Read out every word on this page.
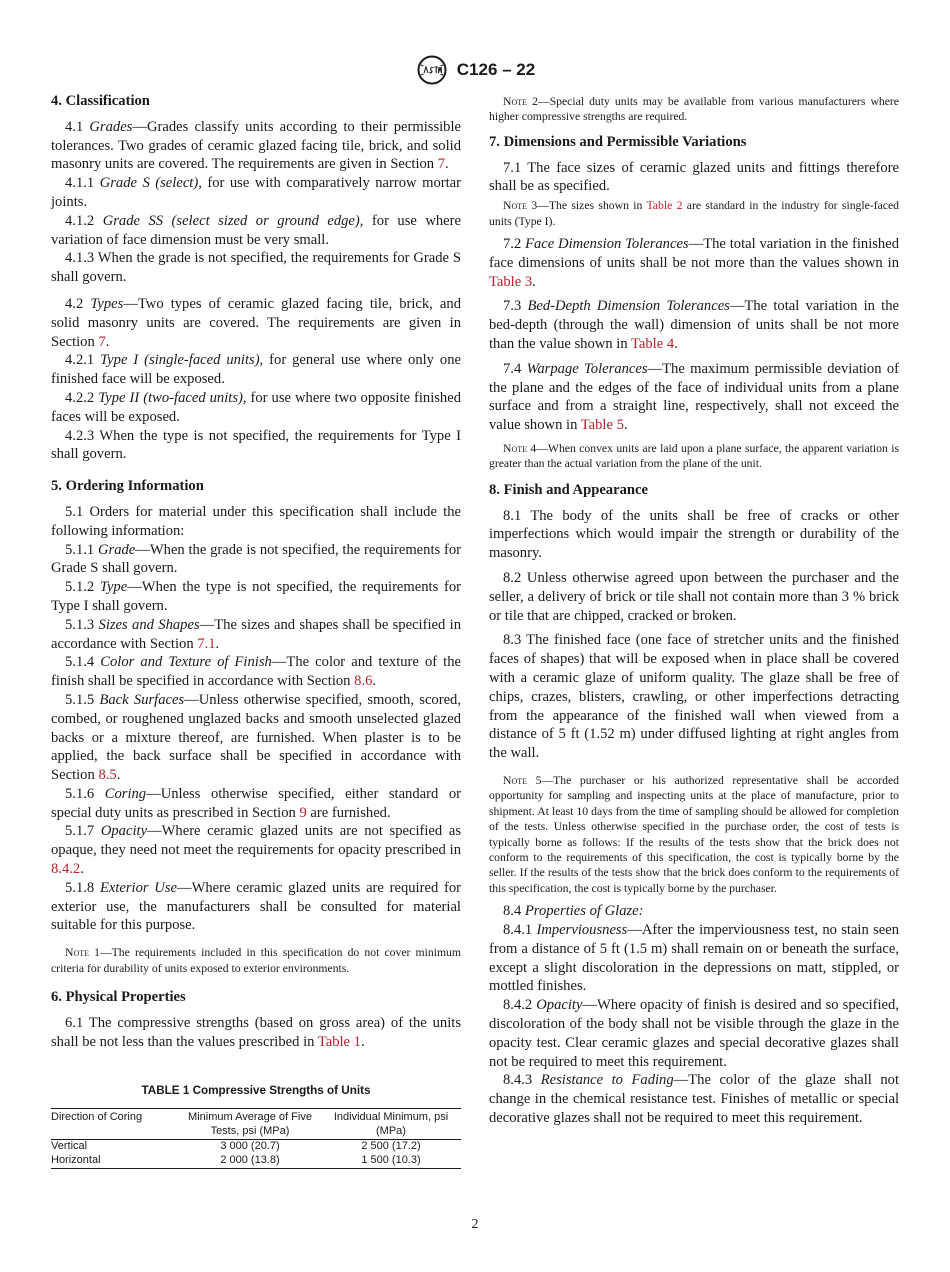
C126 – 22
4. Classification

4.1 Grades—Grades classify units according to their permissible tolerances. Two grades of ceramic glazed facing tile, brick, and solid masonry units are covered. The requirements are given in Section 7.

4.1.1 Grade S (select), for use with comparatively narrow mortar joints.

4.1.2 Grade SS (select sized or ground edge), for use where variation of face dimension must be very small.

4.1.3 When the grade is not specified, the requirements for Grade S shall govern.

4.2 Types—Two types of ceramic glazed facing tile, brick, and solid masonry units are covered. The requirements are given in Section 7.

4.2.1 Type I (single-faced units), for general use where only one finished face will be exposed.

4.2.2 Type II (two-faced units), for use where two opposite finished faces will be exposed.

4.2.3 When the type is not specified, the requirements for Type I shall govern.

5. Ordering Information

5.1 Orders for material under this specification shall include the following information:

5.1.1 Grade—When the grade is not specified, the requirements for Grade S shall govern.

5.1.2 Type—When the type is not specified, the requirements for Type I shall govern.

5.1.3 Sizes and Shapes—The sizes and shapes shall be specified in accordance with Section 7.1.

5.1.4 Color and Texture of Finish—The color and texture of the finish shall be specified in accordance with Section 8.6.

5.1.5 Back Surfaces—Unless otherwise specified, smooth, scored, combed, or roughened unglazed backs and smooth unselected glazed backs or a mixture thereof, are furnished. When plaster is to be applied, the back surface shall be specified in accordance with Section 8.5.

5.1.6 Coring—Unless otherwise specified, either standard or special duty units as prescribed in Section 9 are furnished.

5.1.7 Opacity—Where ceramic glazed units are not specified as opaque, they need not meet the requirements for opacity prescribed in 8.4.2.

5.1.8 Exterior Use—Where ceramic glazed units are required for exterior use, the manufacturers shall be consulted for material suitable for this purpose.

Note 1—The requirements included in this specification do not cover minimum criteria for durability of units exposed to exterior environments.

6. Physical Properties

6.1 The compressive strengths (based on gross area) of the units shall be not less than the values prescribed in Table 1.

TABLE 1 Compressive Strengths of Units

Direction of Coring	Minimum Average of Five Tests, psi (MPa)	Individual Minimum, psi (MPa)
Vertical	3 000 (20.7)	2 500 (17.2)
Horizontal	2 000 (13.8)	1 500 (10.3)

Note 2—Special duty units may be available from various manufacturers where higher compressive strengths are required.

7. Dimensions and Permissible Variations

7.1 The face sizes of ceramic glazed units and fittings therefore shall be as specified.

Note 3—The sizes shown in Table 2 are standard in the industry for single-faced units (Type I).

7.2 Face Dimension Tolerances—The total variation in the finished face dimensions of units shall be not more than the values shown in Table 3.

7.3 Bed-Depth Dimension Tolerances—The total variation in the bed-depth (through the wall) dimension of units shall be not more than the value shown in Table 4.

7.4 Warpage Tolerances—The maximum permissible deviation of the plane and the edges of the face of individual units from a plane surface and from a straight line, respectively, shall not exceed the value shown in Table 5.

Note 4—When convex units are laid upon a plane surface, the apparent variation is greater than the actual variation from the plane of the unit.

8. Finish and Appearance

8.1 The body of the units shall be free of cracks or other imperfections which would impair the strength or durability of the masonry.

8.2 Unless otherwise agreed upon between the purchaser and the seller, a delivery of brick or tile shall not contain more than 3 % brick or tile that are chipped, cracked or broken.

8.3 The finished face (one face of stretcher units and the finished faces of shapes) that will be exposed when in place shall be covered with a ceramic glaze of uniform quality. The glaze shall be free of chips, crazes, blisters, crawling, or other imperfections detracting from the appearance of the finished wall when viewed from a distance of 5 ft (1.52 m) under diffused lighting at right angles from the wall.

Note 5—The purchaser or his authorized representative shall be accorded opportunity for sampling and inspecting units at the place of manufacture, prior to shipment. At least 10 days from the time of sampling should be allowed for completion of the tests. Unless otherwise specified in the purchase order, the cost of tests is typically borne as follows: If the results of the tests show that the brick does not conform to the requirements of this specification, the cost is typically borne by the seller. If the results of the tests show that the brick does conform to the requirements of this specification, the cost is typically borne by the purchaser.

8.4 Properties of Glaze:

8.4.1 Imperviousness—After the imperviousness test, no stain seen from a distance of 5 ft (1.5 m) shall remain on or beneath the surface, except a slight discoloration in the depressions on matt, stippled, or mottled finishes.

8.4.2 Opacity—Where opacity of finish is desired and so specified, discoloration of the body shall not be visible through the glaze in the opacity test. Clear ceramic glazes and special decorative glazes shall not be required to meet this requirement.

8.4.3 Resistance to Fading—The color of the glaze shall not change in the chemical resistance test. Finishes of metallic or special decorative glazes shall not be required to meet this requirement.

2
